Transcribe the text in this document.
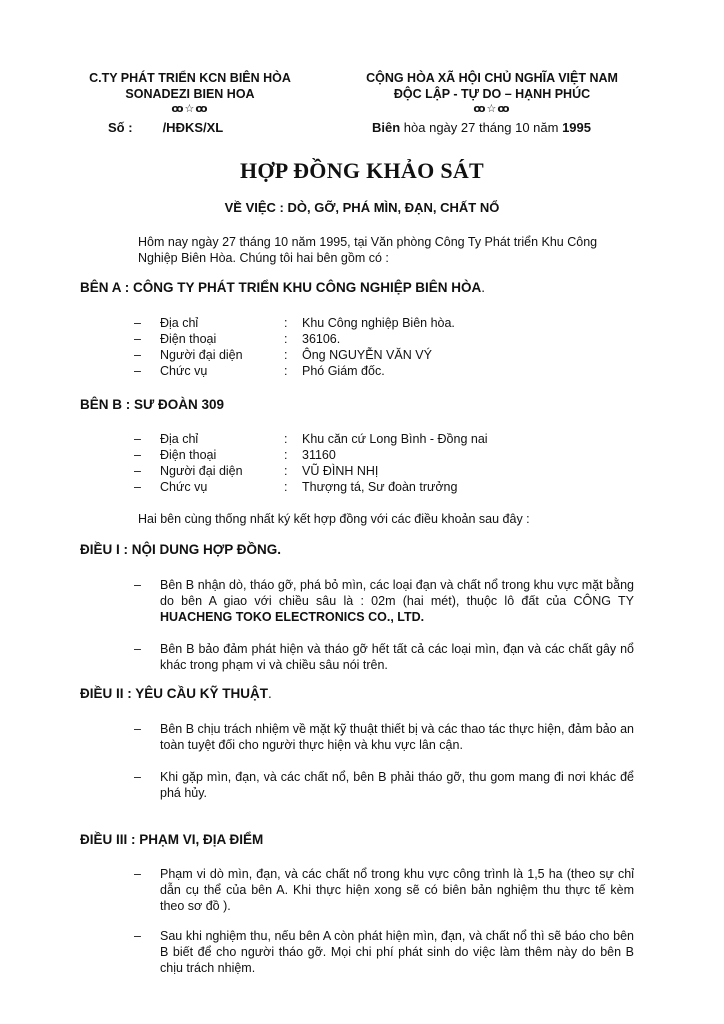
C.TY PHÁT TRIỂN KCN BIÊN HÒA
SONADEZI BIEN HOA
ꝏ☆ꝏ
CỘNG HÒA XÃ HỘI CHỦ NGHĨA VIỆT NAM
ĐỘC LẬP - TỰ DO – HẠNH PHÚC
ꝏ☆ꝏ
Số : /HĐKS/XL	Biên hòa ngày 27 tháng 10 năm 1995
HỢP ĐỒNG KHẢO SÁT
VỀ VIỆC : DÒ, GỠ, PHÁ MÌN, ĐẠN, CHẤT NỔ
Hôm nay ngày 27 tháng 10 năm 1995, tại Văn phòng Công Ty Phát triển Khu Công Nghiệp Biên Hòa. Chúng tôi hai bên gồm có :
BÊN A : CÔNG TY PHÁT TRIỂN KHU CÔNG NGHIỆP BIÊN HÒA.
–	Địa chỉ	:	Khu Công nghiệp Biên hòa.
–	Điện thoại	:	36106.
–	Người đại diện	:	Ông NGUYỄN VĂN VÝ
–	Chức vụ	:	Phó Giám đốc.
BÊN B : SƯ ĐOÀN 309
–	Địa chỉ	:	Khu căn cứ Long Bình - Đồng nai
–	Điện thoại	:	31160
–	Người đại diện	:	VŨ ĐÌNH NHỊ
–	Chức vụ	:	Thượng tá, Sư đoàn trưởng
Hai bên cùng thống nhất ký kết hợp đồng với các điều khoản sau đây :
ĐIỀU I : NỘI DUNG HỢP ĐỒNG.
–	Bên B nhận dò, tháo gỡ, phá bỏ mìn, các loại đạn và chất nổ trong khu vực mặt bằng do bên A giao với chiều sâu là : 02m (hai mét), thuộc lô đất của CÔNG TY HUACHENG TOKO ELECTRONICS CO., LTD.
–	Bên B bảo đảm phát hiện và tháo gỡ hết tất cả các loại mìn, đạn và các chất gây nổ khác trong phạm vi và chiều sâu nói trên.
ĐIỀU II : YÊU CẦU KỸ THUẬT.
–	Bên B chịu trách nhiệm về mặt kỹ thuật thiết bị và các thao tác thực hiện, đảm bảo an toàn tuyệt đối cho người thực hiện và khu vực lân cận.
–	Khi gặp mìn, đạn, và các chất nổ, bên B phải tháo gỡ, thu gom mang đi nơi khác để phá hủy.
ĐIỀU III : PHẠM VI, ĐỊA ĐIỂM
–	Phạm vi dò mìn, đạn, và các chất nổ trong khu vực công trình là 1,5 ha (theo sự chỉ dẫn cụ thể của bên A. Khi thực hiện xong sẽ có biên bản nghiệm thu thực tế kèm theo sơ đồ ).
–	Sau khi nghiệm thu, nếu bên A còn phát hiện mìn, đạn, và chất nổ thì sẽ báo cho bên B biết để cho người tháo gỡ. Mọi chi phí phát sinh do việc làm thêm này do bên B chịu trách nhiệm.
